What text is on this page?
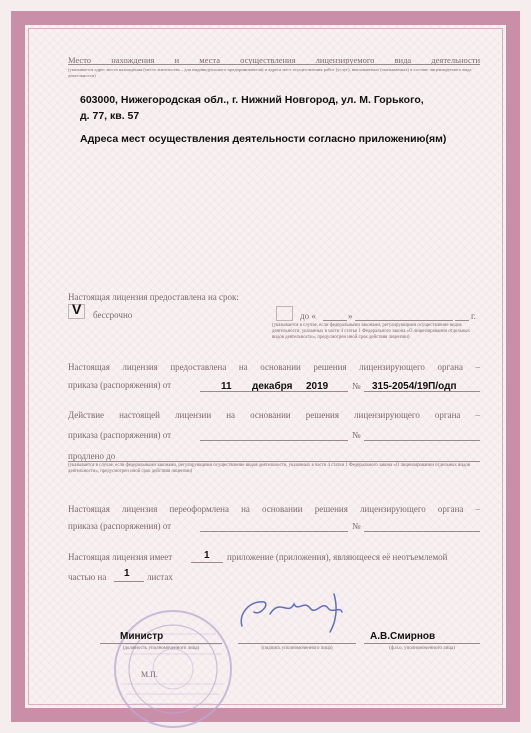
Место нахождения и места осуществления лицензируемого вида деятельности
(указывается адрес места нахождения (место жительства – для индивидуального предпринимателя) и адреса мест осуществления работ (услуг), выполняемых (оказываемых) в составе лицензируемого вида деятельности)
603000, Нижегородская обл., г. Нижний Новгород, ул. М. Горького,
д. 77, кв. 57
Адреса мест осуществления деятельности согласно приложению(ям)
Настоящая лицензия предоставлена на срок:
V бессрочно	до «	»	г.
(указывается в случае, если федеральными законами, регулирующими осуществление видов деятельности, указанных в части 4 статьи 1 Федерального закона «О лицензировании отдельных видов деятельности», предусмотрен иной срок действия лицензии)
Настоящая лицензия предоставлена на основании решения лицензирующего органа –
приказа (распоряжения) от	11 декабря 2019	№ 315-2054/19П/одп
Действие настоящей лицензии на основании решения лицензирующего органа –
приказа (распоряжения) от	№
продлено до
(указывается в случае, если федеральными законами, регулирующими осуществление видов деятельности, указанных в части 4 статьи 1 Федерального закона «О лицензировании отдельных видов деятельности», предусмотрен иной срок действия лицензии)
Настоящая лицензия переоформлена на основании решения лицензирующего органа –
приказа (распоряжения) от	№
Настоящая лицензия имеет	1 приложение (приложения), являющееся её неотъемлемой
частью на 1 листах
Министр
(должность уполномоченного лица)	(подпись уполномоченного лица)
А.В.Смирнов
(ф.и.о. уполномоченного лица)
М.П.
